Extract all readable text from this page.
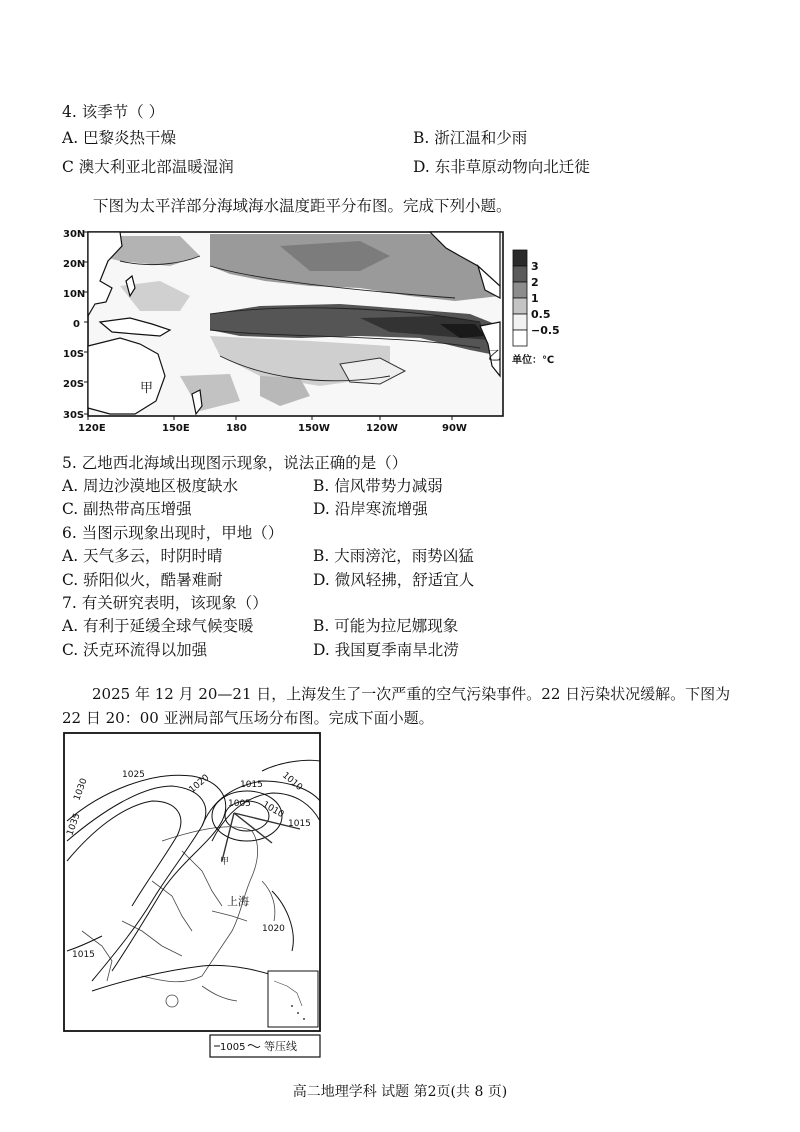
4. 该季节（ ）
A. 巴黎炎热干燥	B. 浙江温和少雨
C 澳大利亚北部温暖湿润	D. 东非草原动物向北迁徙
下图为太平洋部分海域海水温度距平分布图。完成下列小题。
30N
20N
10N
0
10S
20S
30S
120E	150E	180	150W	120W	90W
甲
乙
3
2
1
0.5
−0.5
单位：℃
5. 乙地西北海域出现图示现象，说法正确的是（）
A. 周边沙漠地区极度缺水	B. 信风带势力减弱
C. 副热带高压增强	D. 沿岸寒流增强
6. 当图示现象出现时，甲地（）
A. 天气多云，时阴时晴	B. 大雨滂沱，雨势凶猛
C. 骄阳似火，酷暑难耐	D. 微风轻拂，舒适宜人
7. 有关研究表明，该现象（）
A. 有利于延缓全球气候变暖	B. 可能为拉尼娜现象
C. 沃克环流得以加强	D. 我国夏季南旱北涝
2025 年 12 月 20—21 日，上海发生了一次严重的空气污染事件。22 日污染状况缓解。下图为
22 日 20：00 亚洲局部气压场分布图。完成下面小题。
1025
1030
1035
1020	1015 1010
1005 1010
1015
1020
1015
上海
甲
1005 等压线
高二地理学科 试题 第2页(共 8 页)
